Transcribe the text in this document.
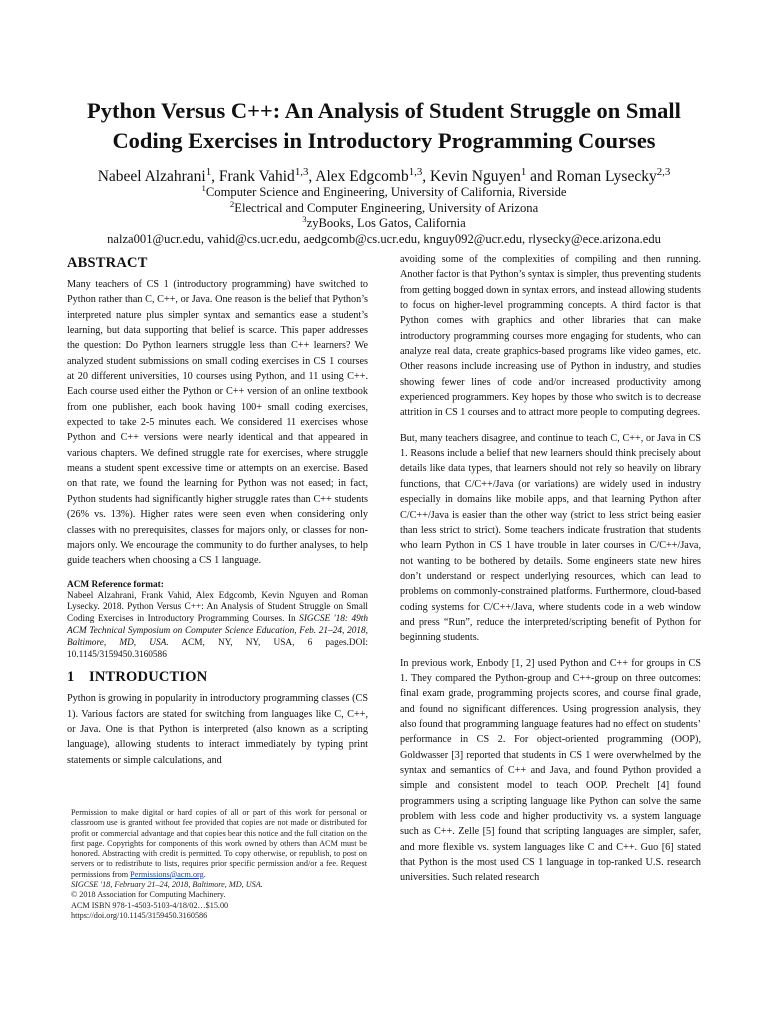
Python Versus C++: An Analysis of Student Struggle on Small
Coding Exercises in Introductory Programming Courses
Nabeel Alzahrani$^1$, Frank Vahid$^{1,3}$, Alex Edgcomb$^{1,3}$, Kevin Nguyen$^1$ and Roman Lysecky$^{2,3}$
$^1$Computer Science and Engineering, University of California, Riverside
$^2$Electrical and Computer Engineering, University of Arizona
$^3$zyBooks, Los Gatos, California
nalza001@ucr.edu, vahid@cs.ucr.edu, aedgcomb@cs.ucr.edu, knguy092@ucr.edu, rlysecky@ece.arizona.edu
ABSTRACT

Many teachers of CS 1 (introductory programming) have switched to Python rather than C, C++, or Java. One reason is the belief that Python’s interpreted nature plus simpler syntax and semantics ease a student’s learning, but data supporting that belief is scarce. This paper addresses the question: Do Python learners struggle less than C++ learners? We analyzed student submissions on small coding exercises in CS 1 courses at 20 different universities, 10 courses using Python, and 11 using C++. Each course used either the Python or C++ version of an online textbook from one publisher, each book having 100+ small coding exercises, expected to take 2-5 minutes each. We considered 11 exercises whose Python and C++ versions were nearly identical and that appeared in various chapters. We defined struggle rate for exercises, where struggle means a student spent excessive time or attempts on an exercise. Based on that rate, we found the learning for Python was not eased; in fact, Python students had significantly higher struggle rates than C++ students (26% vs. 13%). Higher rates were seen even when considering only classes with no prerequisites, classes for majors only, or classes for non-majors only. We encourage the community to do further analyses, to help guide teachers when choosing a CS 1 language.

ACM Reference format:
Nabeel Alzahrani, Frank Vahid, Alex Edgcomb, Kevin Nguyen and Roman Lysecky. 2018. Python Versus C++: An Analysis of Student Struggle on Small Coding Exercises in Introductory Programming Courses. In SIGCSE '18: 49th ACM Technical Symposium on Computer Science Education, Feb. 21–24, 2018, Baltimore, MD, USA. ACM, NY, NY, USA, 6 pages.DOI: 10.1145/3159450.3160586
1 INTRODUCTION

Python is growing in popularity in introductory programming classes (CS 1). Various factors are stated for switching from languages like C, C++, or Java. One is that Python is interpreted (also known as a scripting language), allowing students to interact immediately by typing print statements or simple calculations, and

avoiding some of the complexities of compiling and then running. Another factor is that Python’s syntax is simpler, thus preventing students from getting bogged down in syntax errors, and instead allowing students to focus on higher-level programming concepts. A third factor is that Python comes with graphics and other libraries that can make introductory programming courses more engaging for students, who can analyze real data, create graphics-based programs like video games, etc. Other reasons include increasing use of Python in industry, and studies showing fewer lines of code and/or increased productivity among experienced programmers. Key hopes by those who switch is to decrease attrition in CS 1 courses and to attract more people to computing degrees.

But, many teachers disagree, and continue to teach C, C++, or Java in CS 1. Reasons include a belief that new learners should think precisely about details like data types, that learners should not rely so heavily on library functions, that C/C++/Java (or variations) are widely used in industry especially in domains like mobile apps, and that learning Python after C/C++/Java is easier than the other way (strict to less strict being easier than less strict to strict). Some teachers indicate frustration that students who learn Python in CS 1 have trouble in later courses in C/C++/Java, not wanting to be bothered by details. Some engineers state new hires don’t understand or respect underlying resources, which can lead to problems on commonly-constrained platforms. Furthermore, cloud-based coding systems for C/C++/Java, where students code in a web window and press “Run”, reduce the interpreted/scripting benefit of Python for beginning students.

In previous work, Enbody [1, 2] used Python and C++ for groups in CS 1. They compared the Python-group and C++-group on three outcomes: final exam grade, programming projects scores, and course final grade, and found no significant differences. Using progression analysis, they also found that programming language features had no effect on students’ performance in CS 2. For object-oriented programming (OOP), Goldwasser [3] reported that students in CS 1 were overwhelmed by the syntax and semantics of C++ and Java, and found Python provided a simple and consistent model to teach OOP. Prechelt [4] found programmers using a scripting language like Python can solve the same problem with less code and higher productivity vs. a system language such as C++. Zelle [5] found that scripting languages are simpler, safer, and more flexible vs. system languages like C and C++. Guo [6] stated that Python is the most used CS 1 language in top-ranked U.S. research universities. Such related research

Permission to make digital or hard copies of all or part of this work for personal or classroom use is granted without fee provided that copies are not made or distributed for profit or commercial advantage and that copies bear this notice and the full citation on the first page. Copyrights for components of this work owned by others than ACM must be honored. Abstracting with credit is permitted. To copy otherwise, or republish, to post on servers or to redistribute to lists, requires prior specific permission and/or a fee. Request permissions from Permissions@acm.org.
SIGCSE '18, February 21–24, 2018, Baltimore, MD, USA.
© 2018 Association for Computing Machinery.
ACM ISBN 978-1-4503-5103-4/18/02…$15.00
https://doi.org/10.1145/3159450.3160586
